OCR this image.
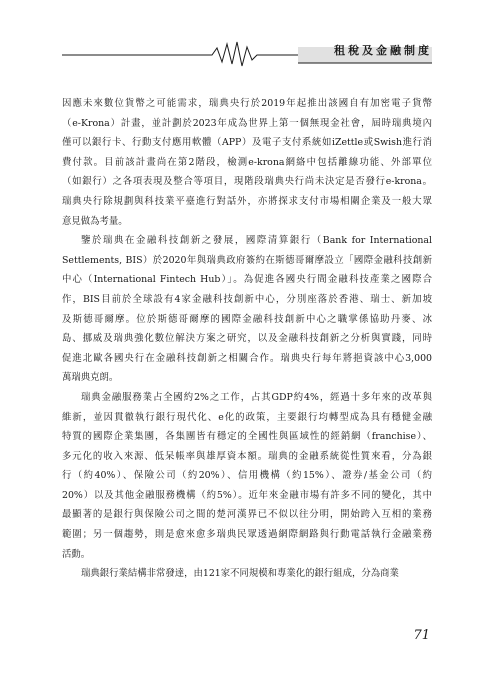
租稅及金融制度

因應未來數位貨幣之可能需求，瑞典央行於2019年起推出該國自有加密電子貨幣
（e-Krona）計畫，並計劃於2023年成為世界上第一個無現金社會，屆時瑞典境內
僅可以銀行卡、行動支付應用軟體（APP）及電子支付系統如iZettle或Swish進行消
費付款。目前該計畫尚在第2階段，檢測e-krona網絡中包括離線功能、外部單位
（如銀行）之各項表現及整合等項目，現階段瑞典央行尚未決定是否發行e-krona。
瑞典央行除規劃與科技業平臺進行對話外，亦將探求支付市場相關企業及一般大眾
意見做為考量。

鑒於瑞典在金融科技創新之發展，國際清算銀行（Bank for International
Settlements, BIS）於2020年與瑞典政府簽約在斯德哥爾摩設立「國際金融科技創新
中心（International Fintech Hub）」。為促進各國央行間金融科技產業之國際合
作，BIS目前於全球設有4家金融科技創新中心，分別座落於香港、瑞士、新加坡
及斯德哥爾摩。位於斯德哥爾摩的國際金融科技創新中心之職掌係協助丹麥、冰
島、挪威及瑞典強化數位解決方案之研究，以及金融科技創新之分析與實踐，同時
促進北歐各國央行在金融科技創新之相關合作。瑞典央行每年將挹資該中心3,000
萬瑞典克朗。

瑞典金融服務業占全國約2%之工作，占其GDP約4%，經過十多年來的改革與
維新，並因貫徹執行銀行現代化、e化的政策，主要銀行均轉型成為具有穩健金融
特質的國際企業集團，各集團皆有穩定的全國性與區域性的經銷網（franchise）、
多元化的收入來源、低呆帳率與雄厚資本額。瑞典的金融系統從性質來看，分為銀
行（約40%）、保險公司（約20%）、信用機構（約15%）、證券/基金公司（約
20%）以及其他金融服務機構（約5%）。近年來金融市場有許多不同的變化，其中
最顯著的是銀行與保險公司之間的楚河漢界已不似以往分明，開始跨入互相的業務
範圍；另一個趨勢，則是愈來愈多瑞典民眾透過網際網路與行動電話執行金融業務
活動。

瑞典銀行業結構非常發達，由121家不同規模和專業化的銀行組成，分為商業

71
